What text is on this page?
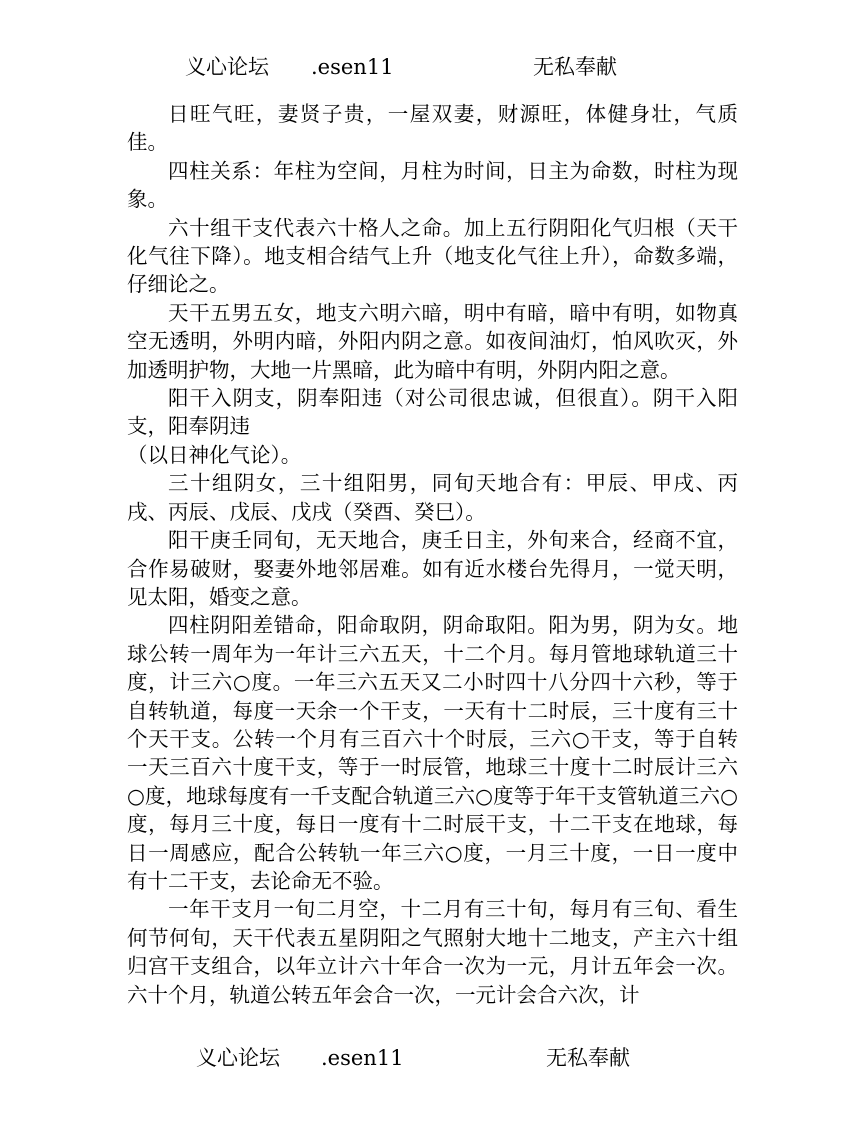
义心论坛 .esen11	无私奉献

日旺气旺，妻贤子贵，一屋双妻，财源旺，体健身壮，气质佳。

四柱关系：年柱为空间，月柱为时间，日主为命数，时柱为现象。

六十组干支代表六十格人之命。加上五行阴阳化气归根（天干化气往下降）。地支相合结气上升（地支化气往上升），命数多端，仔细论之。

天干五男五女，地支六明六暗，明中有暗，暗中有明，如物真空无透明，外明内暗，外阳内阴之意。如夜间油灯，怕风吹灭，外加透明护物，大地一片黑暗，此为暗中有明，外阴内阳之意。

阳干入阴支，阴奉阳违（对公司很忠诚，但很直）。阴干入阳支，阳奉阴违

（以日神化气论）。

三十组阴女，三十组阳男，同旬天地合有：甲辰、甲戌、丙戌、丙辰、戊辰、戊戌（癸酉、癸巳）。

阳干庚壬同旬，无天地合，庚壬日主，外旬来合，经商不宜，合作易破财，娶妻外地邻居难。如有近水楼台先得月，一觉天明，见太阳，婚变之意。

四柱阴阳差错命，阳命取阴，阴命取阳。阳为男，阴为女。地球公转一周年为一年计三六五天，十二个月。每月管地球轨道三十度，计三六○度。一年三六五天又二小时四十八分四十六秒，等于自转轨道，每度一天余一个干支，一天有十二时辰，三十度有三十个天干支。公转一个月有三百六十个时辰，三六○干支，等于自转一天三百六十度干支，等于一时辰管，地球三十度十二时辰计三六○度，地球每度有一千支配合轨道三六○度等于年干支管轨道三六○度，每月三十度，每日一度有十二时辰干支，十二干支在地球，每日一周感应，配合公转轨一年三六○度，一月三十度，一日一度中有十二干支，去论命无不验。

一年干支月一旬二月空，十二月有三十旬，每月有三旬、看生何节何旬，天干代表五星阴阳之气照射大地十二地支，产主六十组归宫干支组合，以年立计六十年合一次为一元，月计五年会一次。六十个月，轨道公转五年会合一次，一元计会合六次，计

义心论坛 .esen11	无私奉献
